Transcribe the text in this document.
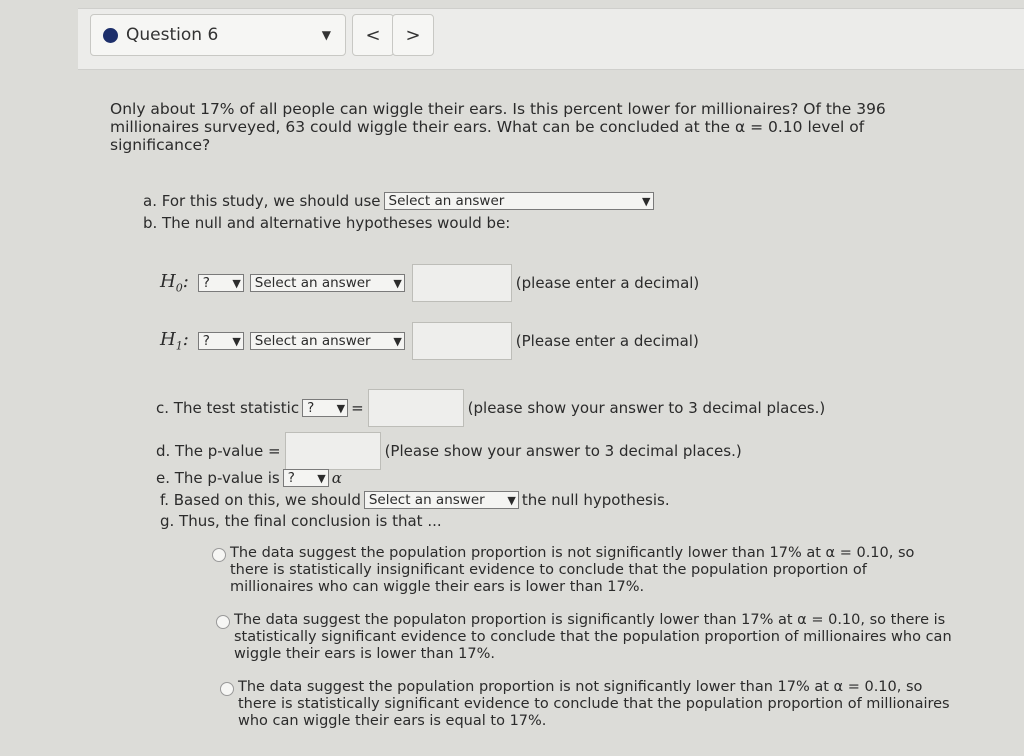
Question 6	▼	<	>

Only about 17% of all people can wiggle their ears. Is this percent lower for millionaires? Of the 396 millionaires surveyed, 63 could wiggle their ears. What can be concluded at the α = 0.10 level of significance?

a. For this study, we should use Select an answer	▼
b. The null and alternative hypotheses would be:
$H_0$: ? ▼ Select an answer ▼	(please enter a decimal)
$H_1$: ? ▼ Select an answer ▼	(Please enter a decimal)
c. The test statistic ? ▼ =	(please show your answer to 3 decimal places.)
d. The p-value =	(Please show your answer to 3 decimal places.)
e. The p-value is ? ▼ α
f. Based on this, we should Select an answer ▼ the null hypothesis.
g. Thus, the final conclusion is that ...
The data suggest the population proportion is not significantly lower than 17% at α = 0.10, so there is statistically insignificant evidence to conclude that the population proportion of millionaires who can wiggle their ears is lower than 17%.
The data suggest the populaton proportion is significantly lower than 17% at α = 0.10, so there is statistically significant evidence to conclude that the population proportion of millionaires who can wiggle their ears is lower than 17%.
The data suggest the population proportion is not significantly lower than 17% at α = 0.10, so there is statistically significant evidence to conclude that the population proportion of millionaires who can wiggle their ears is equal to 17%.
